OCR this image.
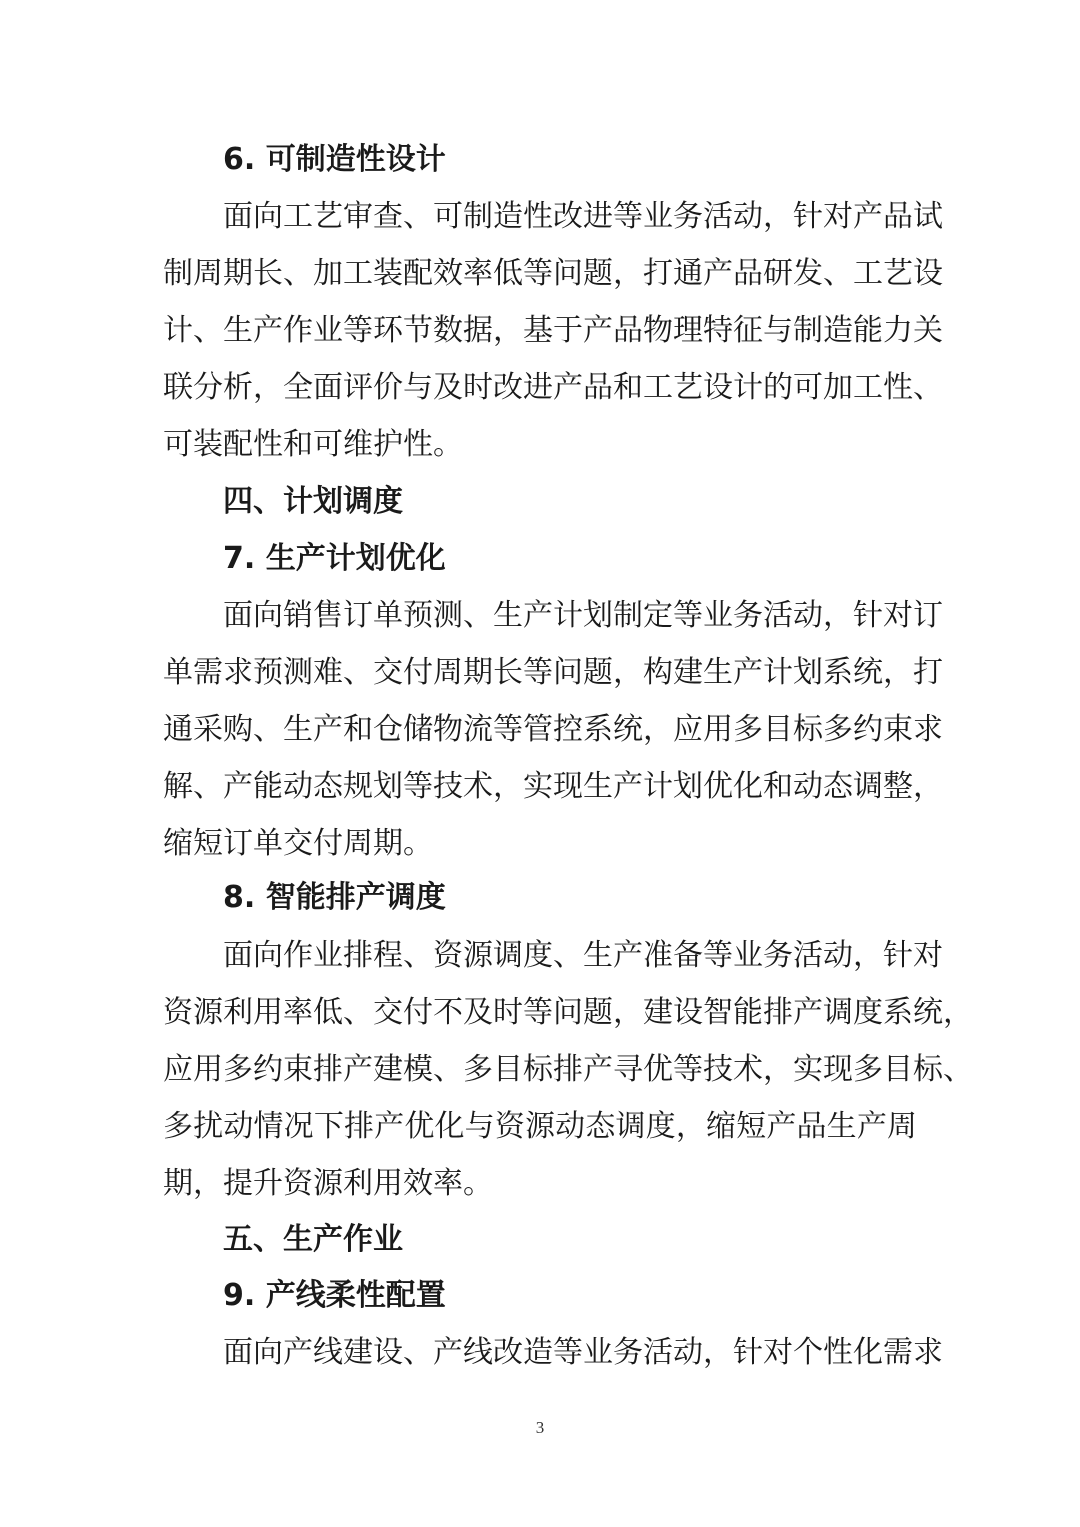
6. 可制造性设计
面向工艺审查、可制造性改进等业务活动，针对产品试
制周期长、加工装配效率低等问题，打通产品研发、工艺设
计、生产作业等环节数据，基于产品物理特征与制造能力关
联分析，全面评价与及时改进产品和工艺设计的可加工性、
可装配性和可维护性。
四、计划调度
7. 生产计划优化
面向销售订单预测、生产计划制定等业务活动，针对订
单需求预测难、交付周期长等问题，构建生产计划系统，打
通采购、生产和仓储物流等管控系统，应用多目标多约束求
解、产能动态规划等技术，实现生产计划优化和动态调整，
缩短订单交付周期。
8. 智能排产调度
面向作业排程、资源调度、生产准备等业务活动，针对
资源利用率低、交付不及时等问题，建设智能排产调度系统，
应用多约束排产建模、多目标排产寻优等技术，实现多目标、
多扰动情况下排产优化与资源动态调度，缩短产品生产周
期，提升资源利用效率。
五、生产作业
9. 产线柔性配置
面向产线建设、产线改造等业务活动，针对个性化需求
3
